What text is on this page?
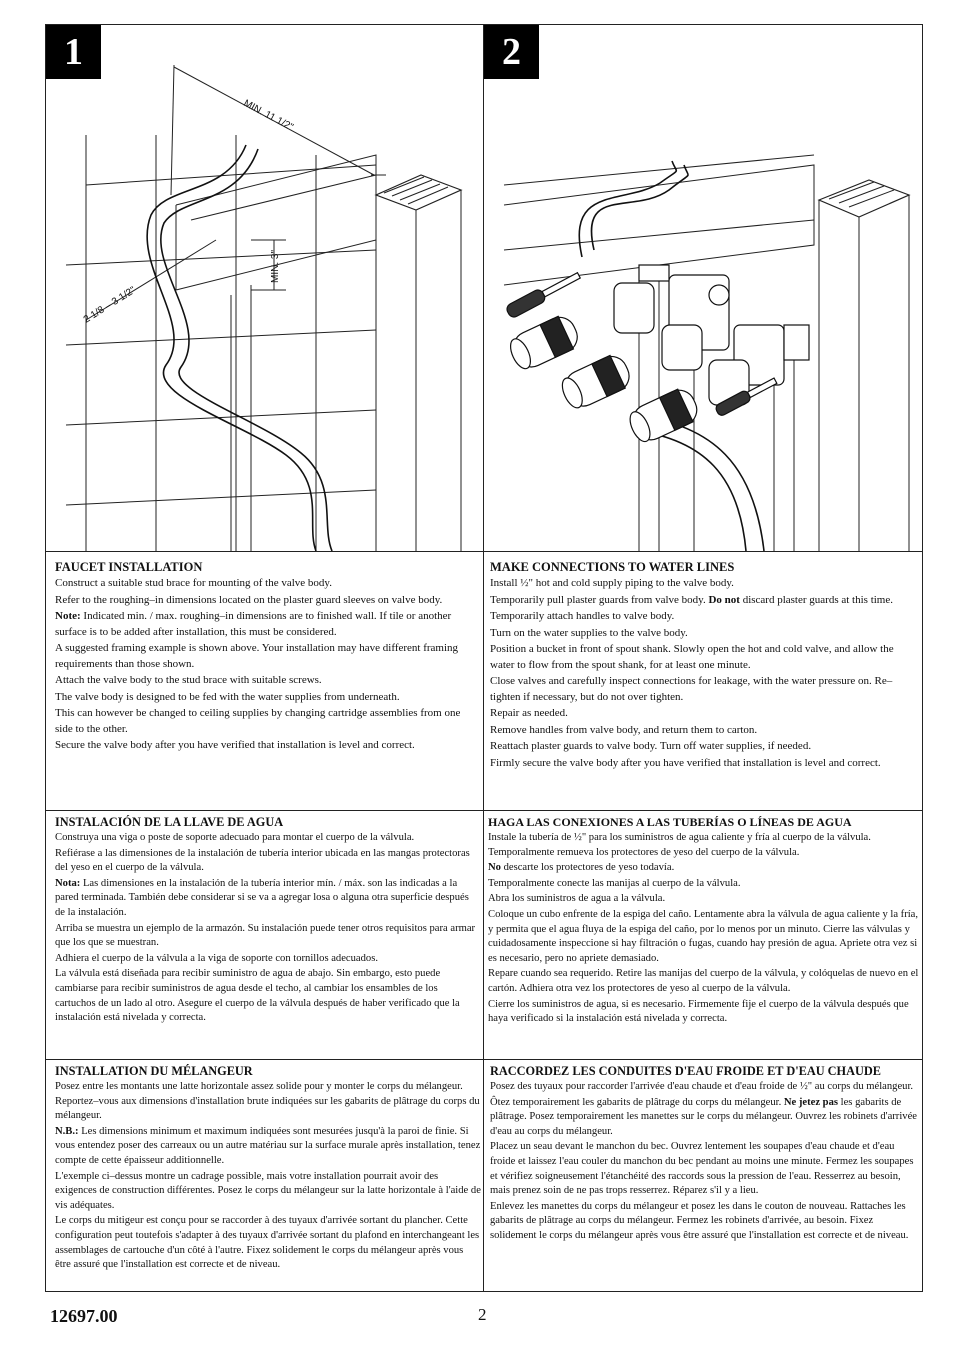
1	2
MIN. 11 1/2"
MIN. 3"
2 1/8 – 3 1/2"
FAUCET INSTALLATION

Construct a suitable stud brace for mounting of the valve body.

Refer to the roughing–in dimensions located on the plaster guard sleeves on valve body.

Note: Indicated min. / max. roughing–in dimensions are to finished wall. If tile or another surface is to be added after installation, this must be considered.

A suggested framing example is shown above. Your installation may have different framing requirements than those shown.

Attach the valve body to the stud brace with suitable screws.

The valve body is designed to be fed with the water supplies from underneath.

This can however be changed to ceiling supplies by changing cartridge assemblies from one side to the other.

Secure the valve body after you have verified that installation is level and correct.

MAKE CONNECTIONS TO WATER LINES

Install ½" hot and cold supply piping to the valve body.

Temporarily pull plaster guards from valve body. Do not discard plaster guards at this time.

Temporarily attach handles to valve body.

Turn on the water supplies to the valve body.

Position a bucket in front of spout shank. Slowly open the hot and cold valve, and allow the water to flow from the spout shank, for at least one minute.

Close valves and carefully inspect connections for leakage, with the water pressure on. Re–tighten if necessary, but do not over tighten.

Repair as needed.

Remove handles from valve body, and return them to carton.

Reattach plaster guards to valve body. Turn off water supplies, if needed.

Firmly secure the valve body after you have verified that installation is level and correct.

INSTALACIÓN DE LA LLAVE DE AGUA

Construya una viga o poste de soporte adecuado para montar el cuerpo de la válvula.

Refiérase a las dimensiones de la instalación de tubería interior ubicada en las mangas protectoras del yeso en el cuerpo de la válvula.

Nota: Las dimensiones en la instalación de la tubería interior mín. / máx. son las indicadas a la pared terminada. También debe considerar si se va a agregar losa o alguna otra superficie después de la instalación.

Arriba se muestra un ejemplo de la armazón. Su instalación puede tener otros requisitos para armar que los que se muestran.

Adhiera el cuerpo de la válvula a la viga de soporte con tornillos adecuados.

La válvula está diseñada para recibir suministro de agua de abajo. Sin embargo, esto puede cambiarse para recibir suministros de agua desde el techo, al cambiar los ensambles de los cartuchos de un lado al otro. Asegure el cuerpo de la válvula después de haber verificado que la instalación está nivelada y correcta.

HAGA LAS CONEXIONES A LAS TUBERÍAS O LÍNEAS DE AGUA

Instale la tubería de ½" para los suministros de agua caliente y fría al cuerpo de la válvula. Temporalmente remueva los protectores de yeso del cuerpo de la válvula.

No descarte los protectores de yeso todavía.

Temporalmente conecte las manijas al cuerpo de la válvula.

Abra los suministros de agua a la válvula.

Coloque un cubo enfrente de la espiga del caño. Lentamente abra la válvula de agua caliente y la fría, y permita que el agua fluya de la espiga del caño, por lo menos por un minuto. Cierre las válvulas y cuidadosamente inspeccione si hay filtración o fugas, cuando hay presión de agua. Apriete otra vez si es necesario, pero no apriete demasiado.

Repare cuando sea requerido. Retire las manijas del cuerpo de la válvula, y colóquelas de nuevo en el cartón. Adhiera otra vez los protectores de yeso al cuerpo de la válvula.

Cierre los suministros de agua, si es necesario. Firmemente fije el cuerpo de la válvula después que haya verificado si la instalación está nivelada y correcta.

INSTALLATION DU MÉLANGEUR

Posez entre les montants une latte horizontale assez solide pour y monter le corps du mélangeur. Reportez–vous aux dimensions d'installation brute indiquées sur les gabarits de plâtrage du corps du mélangeur.

N.B.: Les dimensions minimum et maximum indiquées sont mesurées jusqu'à la paroi de finie. Si vous entendez poser des carreaux ou un autre matériau sur la surface murale après installation, tenez compte de cette épaisseur additionnelle.

L'exemple ci–dessus montre un cadrage possible, mais votre installation pourrait avoir des exigences de construction différentes. Posez le corps du mélangeur sur la latte horizontale à l'aide de vis adéquates.

Le corps du mitigeur est conçu pour se raccorder à des tuyaux d'arrivée sortant du plancher. Cette configuration peut toutefois s'adapter à des tuyaux d'arrivée sortant du plafond en interchangeant les assemblages de cartouche d'un côté à l'autre. Fixez solidement le corps du mélangeur après vous être assuré que l'installation est correcte et de niveau.

RACCORDEZ LES CONDUITES D'EAU FROIDE ET D'EAU CHAUDE

Posez des tuyaux pour raccorder l'arrivée d'eau chaude et d'eau froide de ½" au corps du mélangeur.

Ôtez temporairement les gabarits de plâtrage du corps du mélangeur. Ne jetez pas les gabarits de plâtrage. Posez temporairement les manettes sur le corps du mélangeur. Ouvrez les robinets d'arrivée d'eau au corps du mélangeur.

Placez un seau devant le manchon du bec. Ouvrez lentement les soupapes d'eau chaude et d'eau froide et laissez l'eau couler du manchon du bec pendant au moins une minute. Fermez les soupapes et vérifiez soigneusement l'étanchéité des raccords sous la pression de l'eau. Resserrez au besoin, mais prenez soin de ne pas trops resserrez. Réparez s'il y a lieu.

Enlevez les manettes du corps du mélangeur et posez les dans le couton de nouveau. Rattaches les gabarits de plâtrage au corps du mélangeur. Fermez les robinets d'arrivée, au besoin. Fixez solidement le corps du mélangeur après vous être assuré que l'installation est correcte et de niveau.

12697.00	2
